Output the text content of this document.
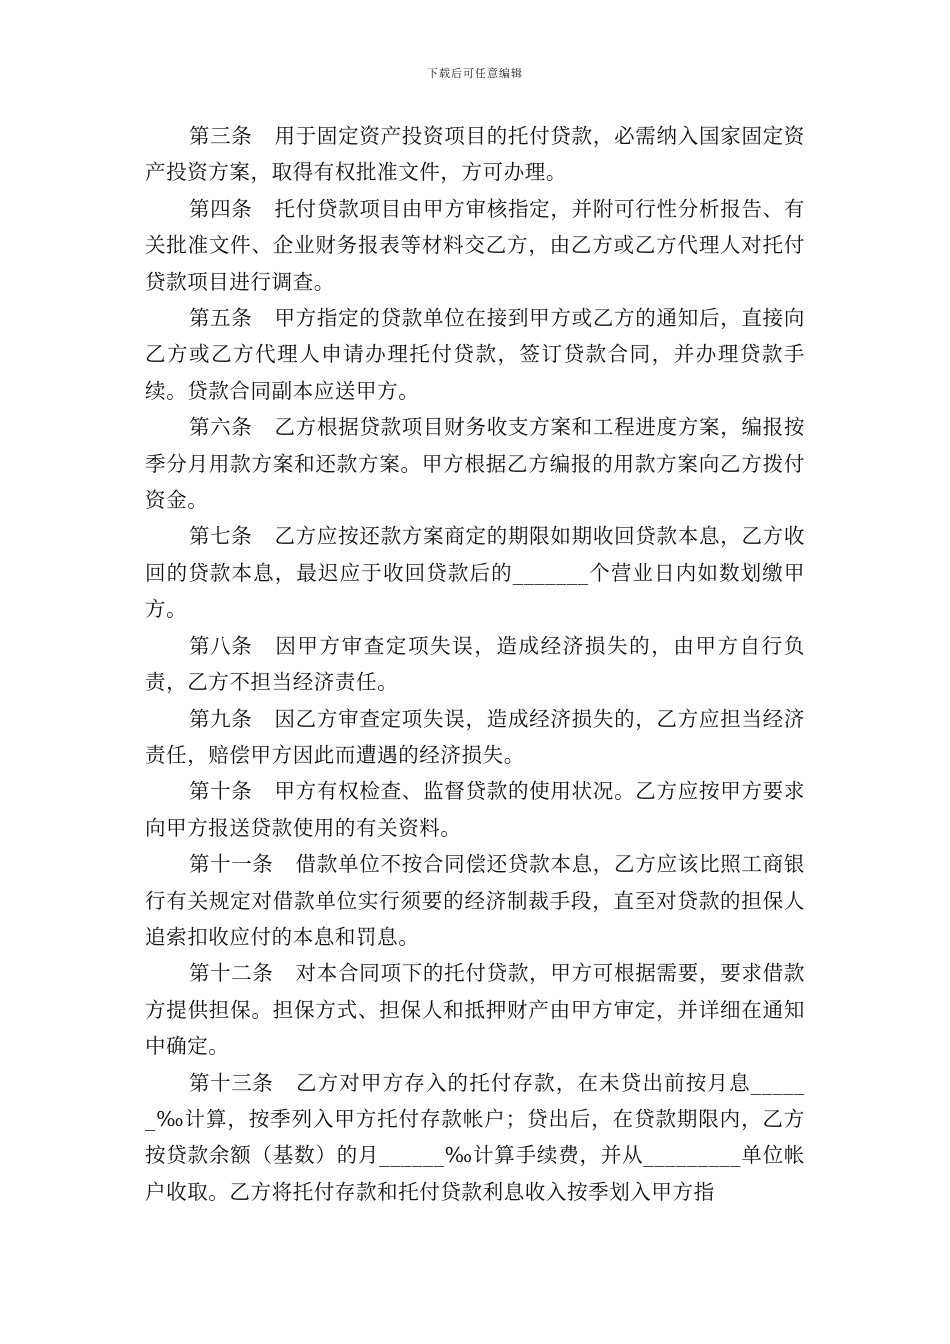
下载后可任意编辑

第三条 用于固定资产投资项目的托付贷款，必需纳入国家固定资产投资方案，取得有权批准文件，方可办理。

第四条 托付贷款项目由甲方审核指定，并附可行性分析报告、有关批准文件、企业财务报表等材料交乙方，由乙方或乙方代理人对托付贷款项目进行调查。

第五条 甲方指定的贷款单位在接到甲方或乙方的通知后，直接向乙方或乙方代理人申请办理托付贷款，签订贷款合同，并办理贷款手续。贷款合同副本应送甲方。

第六条 乙方根据贷款项目财务收支方案和工程进度方案，编报按季分月用款方案和还款方案。甲方根据乙方编报的用款方案向乙方拨付资金。

第七条 乙方应按还款方案商定的期限如期收回贷款本息，乙方收回的贷款本息，最迟应于收回贷款后的_______个营业日内如数划缴甲方。

第八条 因甲方审查定项失误，造成经济损失的，由甲方自行负责，乙方不担当经济责任。

第九条 因乙方审查定项失误，造成经济损失的，乙方应担当经济责任，赔偿甲方因此而遭遇的经济损失。

第十条 甲方有权检查、监督贷款的使用状况。乙方应按甲方要求向甲方报送贷款使用的有关资料。

第十一条 借款单位不按合同偿还贷款本息，乙方应该比照工商银行有关规定对借款单位实行须要的经济制裁手段，直至对贷款的担保人追索扣收应付的本息和罚息。

第十二条 对本合同项下的托付贷款，甲方可根据需要，要求借款方提供担保。担保方式、担保人和抵押财产由甲方审定，并详细在通知中确定。

第十三条 乙方对甲方存入的托付存款，在未贷出前按月息______‰计算，按季列入甲方托付存款帐户；贷出后，在贷款期限内，乙方按贷款余额（基数）的月______‰计算手续费，并从_________单位帐户收取。乙方将托付存款和托付贷款利息收入按季划入甲方指
